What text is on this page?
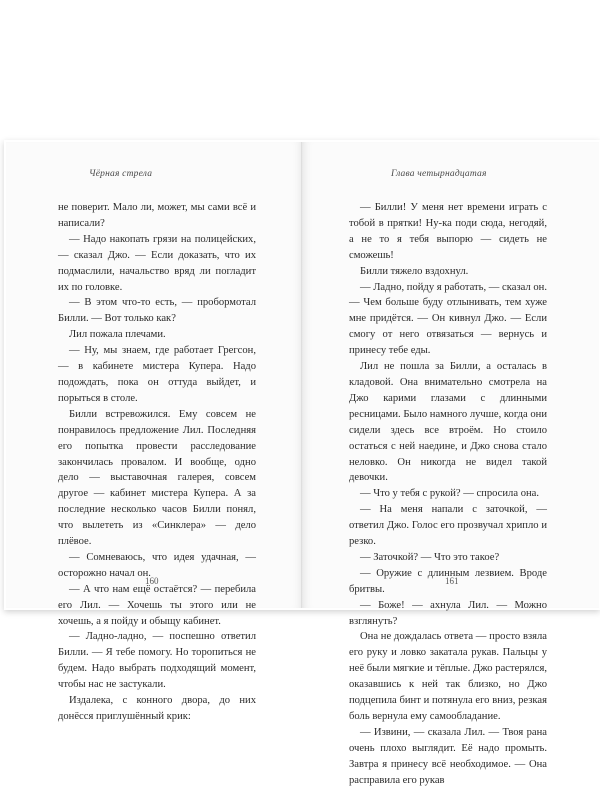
Чёрная стрела

не поверит. Мало ли, может, мы сами всё и написали?

— Надо накопать грязи на полицейских, — сказал Джо. — Если доказать, что их подмаслили, начальство вряд ли погладит их по головке.

— В этом что-то есть, — пробормотал Билли. — Вот только как?

Лил пожала плечами.

— Ну, мы знаем, где работает Грегсон, — в кабинете мистера Купера. Надо подождать, пока он оттуда выйдет, и порыться в столе.

Билли встревожился. Ему совсем не понравилось предложение Лил. Последняя его попытка провести расследование закончилась провалом. И вообще, одно дело — выставочная галерея, совсем другое — кабинет мистера Купера. А за последние несколько часов Билли понял, что вылететь из «Синклера» — дело плёвое.

— Сомневаюсь, что идея удачная, — осторожно начал он.

— А что нам ещё остаётся? — перебила его Лил. — Хочешь ты этого или не хочешь, а я пойду и обыщу кабинет.

— Ладно-ладно, — поспешно ответил Билли. — Я тебе помогу. Но торопиться не будем. Надо выбрать подходящий момент, чтобы нас не застукали.

Издалека, с конного двора, до них донёсся приглушённый крик:

160
Глава четырнадцатая

— Билли! У меня нет времени играть с тобой в прятки! Ну-ка поди сюда, негодяй, а не то я тебя выпорю — сидеть не сможешь!

Билли тяжело вздохнул.

— Ладно, пойду я работать, — сказал он. — Чем больше буду отлынивать, тем хуже мне придётся. — Он кивнул Джо. — Если смогу от него отвязаться — вернусь и принесу тебе еды.

Лил не пошла за Билли, а осталась в кладовой. Она внимательно смотрела на Джо карими глазами с длинными ресницами. Было намного лучше, когда они сидели здесь все втроём. Но стоило остаться с ней наедине, и Джо снова стало неловко. Он никогда не видел такой девочки.

— Что у тебя с рукой? — спросила она.

— На меня напали с заточкой, — ответил Джо. Голос его прозвучал хрипло и резко.

— Заточкой? — Что это такое?

— Оружие с длинным лезвием. Вроде бритвы.

— Боже! — ахнула Лил. — Можно взглянуть?

Она не дождалась ответа — просто взяла его руку и ловко закатала рукав. Пальцы у неё были мягкие и тёплые. Джо растерялся, оказавшись к ней так близко, но Джо подцепила бинт и потянула его вниз, резкая боль вернула ему самообладание.

— Извини, — сказала Лил. — Твоя рана очень плохо выглядит. Её надо промыть. Завтра я принесу всё необходимое. — Она расправила его рукав

161
